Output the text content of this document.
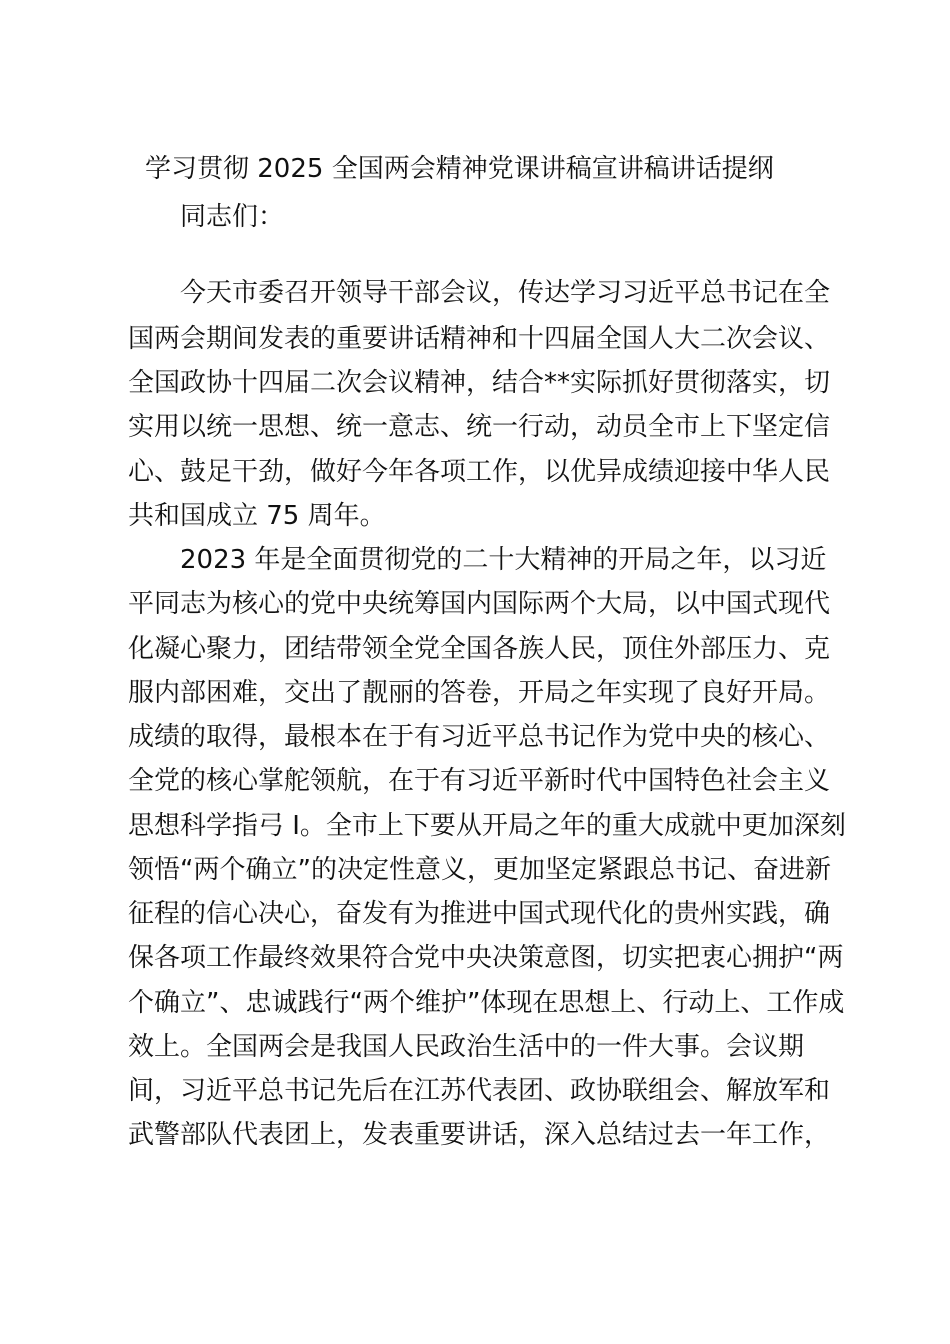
学习贯彻 2025 全国两会精神党课讲稿宣讲稿讲话提纲
同志们：
今天市委召开领导干部会议，传达学习习近平总书记在全
国两会期间发表的重要讲话精神和十四届全国人大二次会议、
全国政协十四届二次会议精神，结合**实际抓好贯彻落实，切
实用以统一思想、统一意志、统一行动，动员全市上下坚定信
心、鼓足干劲，做好今年各项工作，以优异成绩迎接中华人民
共和国成立 75 周年。
2023 年是全面贯彻党的二十大精神的开局之年，以习近
平同志为核心的党中央统筹国内国际两个大局，以中国式现代
化凝心聚力，团结带领全党全国各族人民，顶住外部压力、克
服内部困难，交出了靓丽的答卷，开局之年实现了良好开局。
成绩的取得，最根本在于有习近平总书记作为党中央的核心、
全党的核心掌舵领航，在于有习近平新时代中国特色社会主义
思想科学指弓 I。全市上下要从开局之年的重大成就中更加深刻
领悟“两个确立”的决定性意义，更加坚定紧跟总书记、奋进新
征程的信心决心，奋发有为推进中国式现代化的贵州实践，确
保各项工作最终效果符合党中央决策意图，切实把衷心拥护“两
个确立”、忠诚践行“两个维护”体现在思想上、行动上、工作成
效上。全国两会是我国人民政治生活中的一件大事。会议期
间，习近平总书记先后在江苏代表团、政协联组会、解放军和
武警部队代表团上，发表重要讲话，深入总结过去一年工作，
